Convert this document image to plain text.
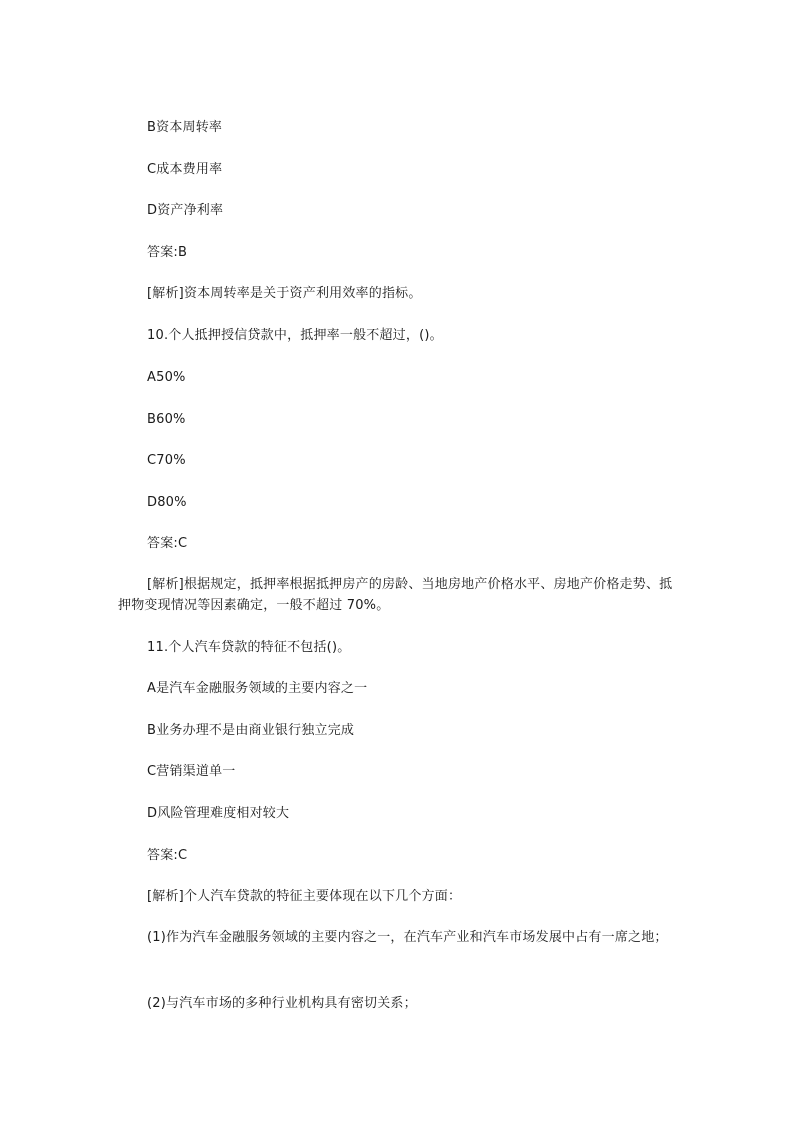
B资本周转率
C成本费用率
D资产净利率
答案:B
[解析]资本周转率是关于资产利用效率的指标。
10.个人抵押授信贷款中，抵押率一般不超过，()。
A50%
B60%
C70%
D80%
答案:C
[解析]根据规定，抵押率根据抵押房产的房龄、当地房地产价格水平、房地产价格走势、抵押物变现情况等因素确定，一般不超过 70%。
11.个人汽车贷款的特征不包括()。
A是汽车金融服务领域的主要内容之一
B业务办理不是由商业银行独立完成
C营销渠道单一
D风险管理难度相对较大
答案:C
[解析]个人汽车贷款的特征主要体现在以下几个方面：
(1)作为汽车金融服务领域的主要内容之一，在汽车产业和汽车市场发展中占有一席之地；
(2)与汽车市场的多种行业机构具有密切关系；
